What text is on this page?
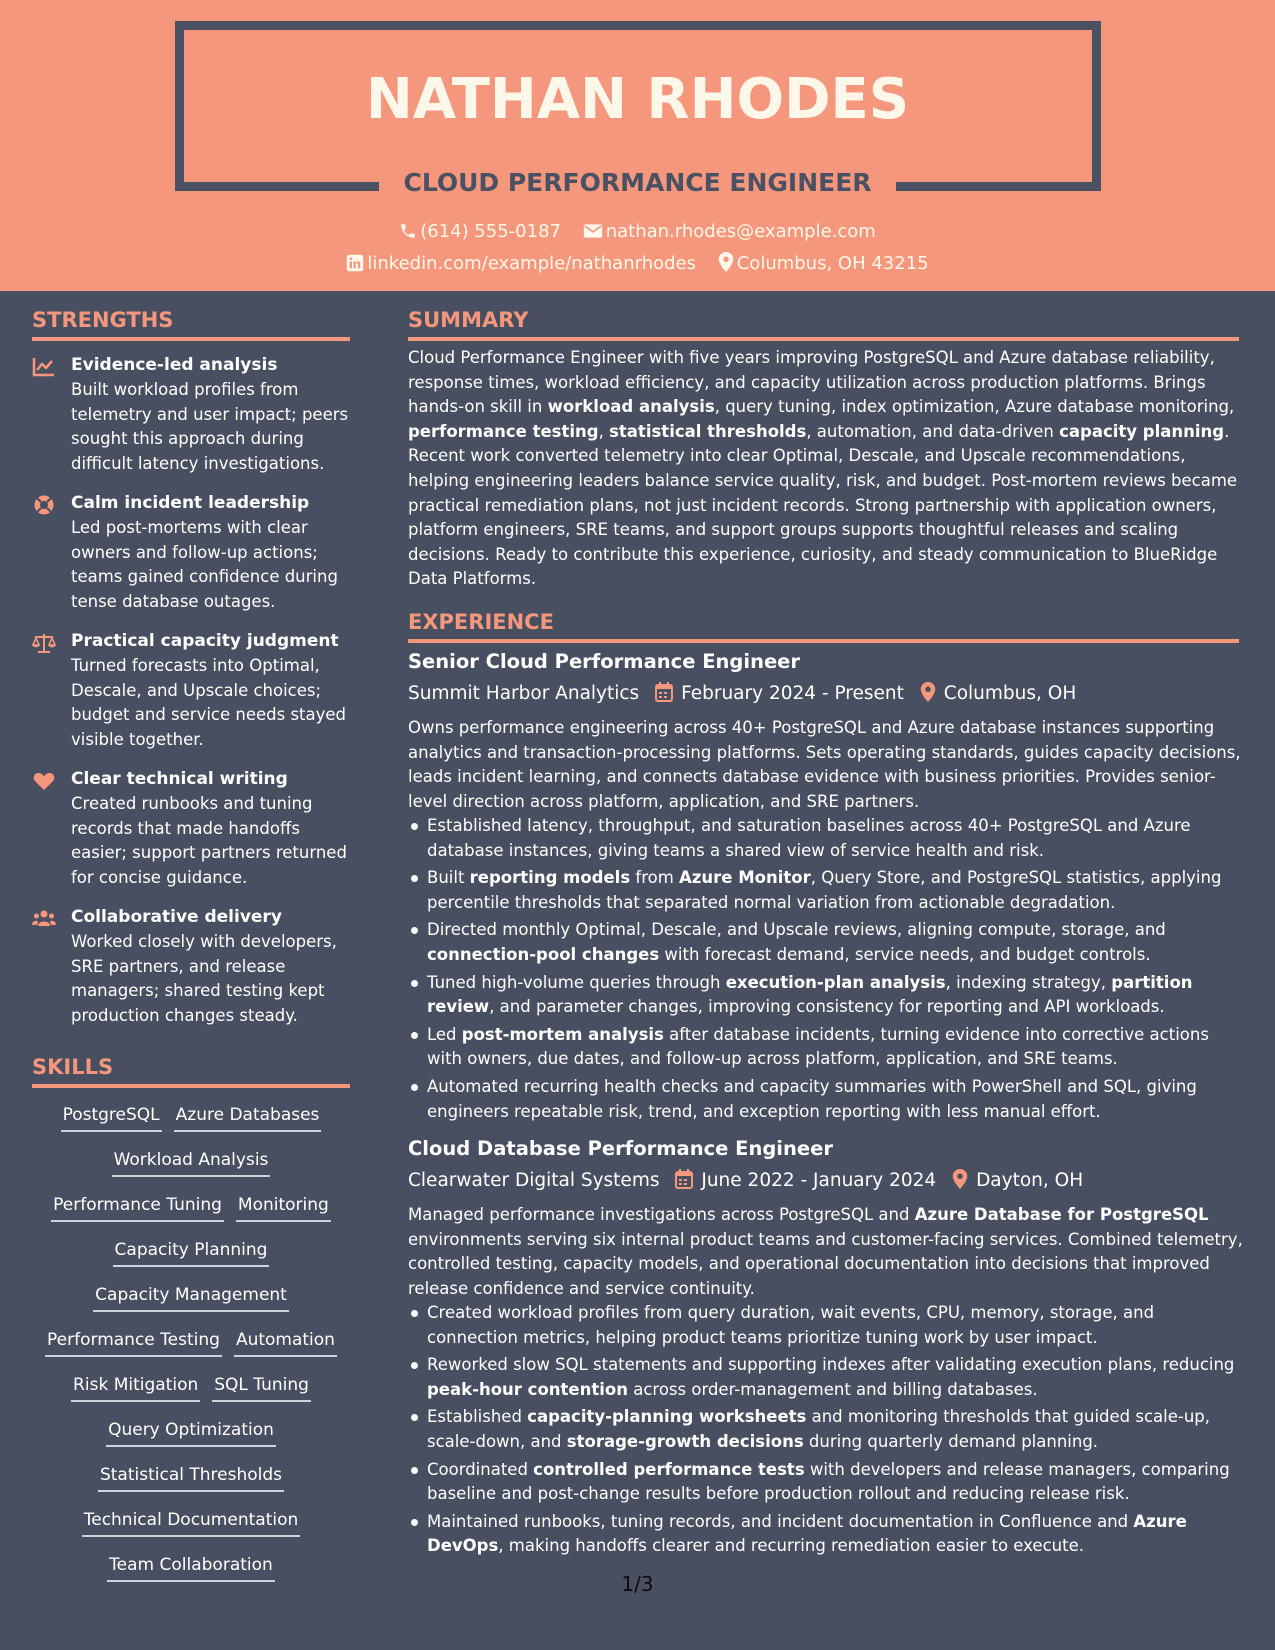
NATHAN RHODES
CLOUD PERFORMANCE ENGINEER
(614) 555-0187 nathan.rhodes@example.com
linkedin.com/example/nathanrhodes Columbus, OH 43215
STRENGTHS
Evidence-led analysis
Built workload profiles from telemetry and user impact; peers sought this approach during difficult latency investigations.
Calm incident leadership
Led post-mortems with clear owners and follow-up actions; teams gained confidence during tense database outages.
Practical capacity judgment
Turned forecasts into Optimal, Descale, and Upscale choices; budget and service needs stayed visible together.
Clear technical writing
Created runbooks and tuning records that made handoffs easier; support partners returned for concise guidance.
Collaborative delivery
Worked closely with developers, SRE partners, and release managers; shared testing kept production changes steady.
SKILLS
PostgreSQL Azure Databases
Workload Analysis
Performance Tuning Monitoring
Capacity Planning
Capacity Management
Performance Testing Automation
Risk Mitigation SQL Tuning
Query Optimization
Statistical Thresholds
Technical Documentation
Team Collaboration
SUMMARY
Cloud Performance Engineer with five years improving PostgreSQL and Azure database reliability, response times, workload efficiency, and capacity utilization across production platforms. Brings hands-on skill in workload analysis, query tuning, index optimization, Azure database monitoring, performance testing, statistical thresholds, automation, and data-driven capacity planning. Recent work converted telemetry into clear Optimal, Descale, and Upscale recommendations, helping engineering leaders balance service quality, risk, and budget. Post-mortem reviews became practical remediation plans, not just incident records. Strong partnership with application owners, platform engineers, SRE teams, and support groups supports thoughtful releases and scaling decisions. Ready to contribute this experience, curiosity, and steady communication to BlueRidge Data Platforms.
EXPERIENCE
Senior Cloud Performance Engineer
Summit Harbor Analytics February 2024 - Present Columbus, OH
Owns performance engineering across 40+ PostgreSQL and Azure database instances supporting analytics and transaction-processing platforms. Sets operating standards, guides capacity decisions, leads incident learning, and connects database evidence with business priorities. Provides senior-level direction across platform, application, and SRE partners.
Established latency, throughput, and saturation baselines across 40+ PostgreSQL and Azure database instances, giving teams a shared view of service health and risk.
Built reporting models from Azure Monitor, Query Store, and PostgreSQL statistics, applying percentile thresholds that separated normal variation from actionable degradation.
Directed monthly Optimal, Descale, and Upscale reviews, aligning compute, storage, and connection-pool changes with forecast demand, service needs, and budget controls.
Tuned high-volume queries through execution-plan analysis, indexing strategy, partition review, and parameter changes, improving consistency for reporting and API workloads.
Led post-mortem analysis after database incidents, turning evidence into corrective actions with owners, due dates, and follow-up across platform, application, and SRE teams.
Automated recurring health checks and capacity summaries with PowerShell and SQL, giving engineers repeatable risk, trend, and exception reporting with less manual effort.
Cloud Database Performance Engineer
Clearwater Digital Systems June 2022 - January 2024 Dayton, OH
Managed performance investigations across PostgreSQL and Azure Database for PostgreSQL environments serving six internal product teams and customer-facing services. Combined telemetry, controlled testing, capacity models, and operational documentation into decisions that improved release confidence and service continuity.
Created workload profiles from query duration, wait events, CPU, memory, storage, and connection metrics, helping product teams prioritize tuning work by user impact.
Reworked slow SQL statements and supporting indexes after validating execution plans, reducing peak-hour contention across order-management and billing databases.
Established capacity-planning worksheets and monitoring thresholds that guided scale-up, scale-down, and storage-growth decisions during quarterly demand planning.
Coordinated controlled performance tests with developers and release managers, comparing baseline and post-change results before production rollout and reducing release risk.
Maintained runbooks, tuning records, and incident documentation in Confluence and Azure DevOps, making handoffs clearer and recurring remediation easier to execute.
1/3
